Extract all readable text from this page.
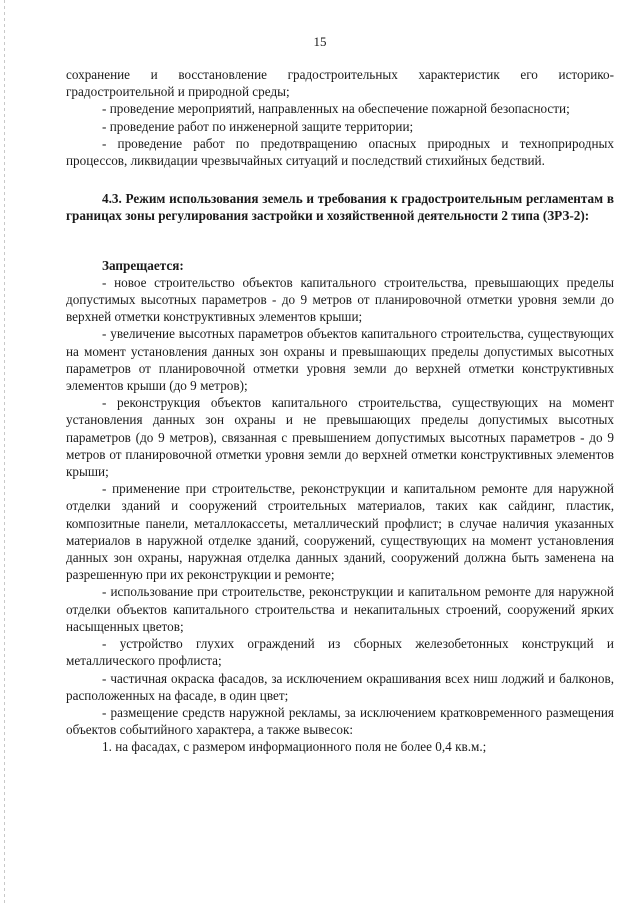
15

сохранение и восстановление градостроительных характеристик его историко-градостроительной и природной среды;

- проведение мероприятий, направленных на обеспечение пожарной безопасности;

- проведение работ по инженерной защите территории;

- проведение работ по предотвращению опасных природных и техноприродных процессов, ликвидации чрезвычайных ситуаций и последствий стихийных бедствий.

4.3. Режим использования земель и требования к градостроительным регламентам в границах зоны регулирования застройки и хозяйственной деятельности 2 типа (ЗРЗ-2):

Запрещается:

- новое строительство объектов капитального строительства, превышающих пределы допустимых высотных параметров - до 9 метров от планировочной отметки уровня земли до верхней отметки конструктивных элементов крыши;

- увеличение высотных параметров объектов капитального строительства, существующих на момент установления данных зон охраны и превышающих пределы допустимых высотных параметров от планировочной отметки уровня земли до верхней отметки конструктивных элементов крыши (до 9 метров);

- реконструкция объектов капитального строительства, существующих на момент установления данных зон охраны и не превышающих пределы допустимых высотных параметров (до 9 метров), связанная с превышением допустимых высотных параметров - до 9 метров от планировочной отметки уровня земли до верхней отметки конструктивных элементов крыши;

- применение при строительстве, реконструкции и капитальном ремонте для наружной отделки зданий и сооружений строительных материалов, таких как сайдинг, пластик, композитные панели, металлокассеты, металлический профлист; в случае наличия указанных материалов в наружной отделке зданий, сооружений, существующих на момент установления данных зон охраны, наружная отделка данных зданий, сооружений должна быть заменена на разрешенную при их реконструкции и ремонте;

- использование при строительстве, реконструкции и капитальном ремонте для наружной отделки объектов капитального строительства и некапитальных строений, сооружений ярких насыщенных цветов;

- устройство глухих ограждений из сборных железобетонных конструкций и металлического профлиста;

- частичная окраска фасадов, за исключением окрашивания всех ниш лоджий и балконов, расположенных на фасаде, в один цвет;

- размещение средств наружной рекламы, за исключением кратковременного размещения объектов событийного характера, а также вывесок:

1. на фасадах, с размером информационного поля не более 0,4 кв.м.;
